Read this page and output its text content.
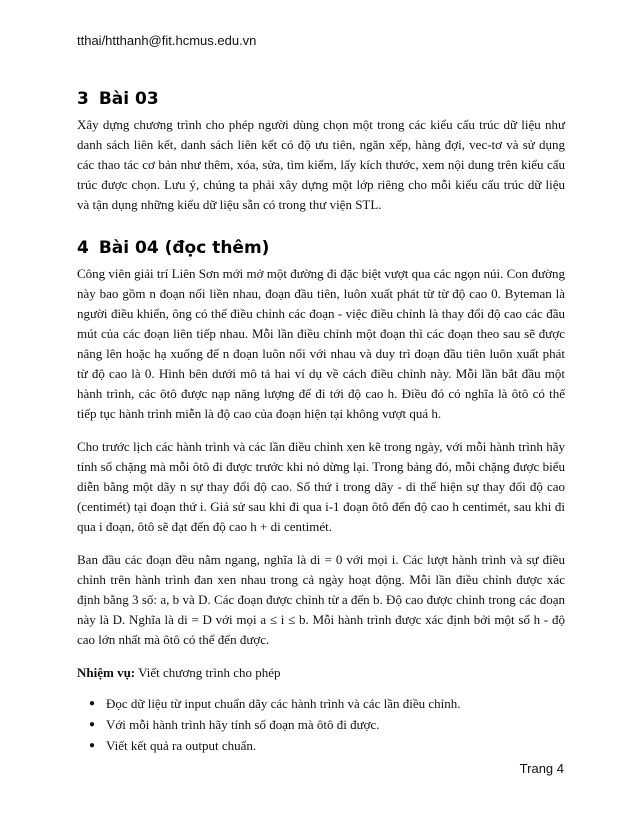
tthai/htthanh@fit.hcmus.edu.vn
3 Bài 03

Xây dựng chương trình cho phép người dùng chọn một trong các kiểu cấu trúc dữ liệu như danh sách liên kết, danh sách liên kết có độ ưu tiên, ngăn xếp, hàng đợi, vec-tơ và sử dụng các thao tác cơ bản như thêm, xóa, sửa, tìm kiếm, lấy kích thước, xem nội dung trên kiểu cấu trúc được chọn. Lưu ý, chúng ta phải xây dựng một lớp riêng cho mỗi kiểu cấu trúc dữ liệu và tận dụng những kiểu dữ liệu sẵn có trong thư viện STL.

4 Bài 04 (đọc thêm)

Công viên giải trí Liên Sơn mới mở một đường đi đặc biệt vượt qua các ngọn núi. Con đường này bao gồm n đoạn nối liền nhau, đoạn đầu tiên, luôn xuất phát từ từ độ cao 0. Byteman là người điều khiển, ông có thể điều chỉnh các đoạn - việc điều chỉnh là thay đổi độ cao các đầu mút của các đoạn liên tiếp nhau. Mỗi lần điều chỉnh một đoạn thì các đoạn theo sau sẽ được nâng lên hoặc hạ xuống để n đoạn luôn nối với nhau và duy trì đoạn đầu tiên luôn xuất phát từ độ cao là 0. Hình bên dưới mô tả hai ví dụ về cách điều chỉnh này. Mỗi lần bắt đầu một hành trình, các ôtô được nạp năng lượng để đi tới độ cao h. Điều đó có nghĩa là ôtô có thể tiếp tục hành trình miễn là độ cao của đoạn hiện tại không vượt quá h.

Cho trước lịch các hành trình và các lần điều chỉnh xen kẽ trong ngày, với mỗi hành trình hãy tính số chặng mà mỗi ôtô đi được trước khi nó dừng lại. Trong bảng đó, mỗi chặng được biểu diễn bằng một dãy n sự thay đổi độ cao. Số thứ i trong dãy - di thể hiện sự thay đổi độ cao (centimét) tại đoạn thứ i. Giả sử sau khi đi qua i-1 đoạn ôtô đến độ cao h centimét, sau khi đi qua i đoạn, ôtô sẽ đạt đến độ cao h + di centimét.

Ban đầu các đoạn đều nằm ngang, nghĩa là di = 0 với mọi i. Các lượt hành trình và sự điều chỉnh trên hành trình đan xen nhau trong cả ngày hoạt động. Mỗi lần điều chỉnh được xác định bằng 3 số: a, b và D. Các đoạn được chỉnh từ a đến b. Độ cao được chỉnh trong các đoạn này là D. Nghĩa là di = D với mọi a ≤ i ≤ b. Mỗi hành trình được xác định bởi một số h - độ cao lớn nhất mà ôtô có thể đến được.

Nhiệm vụ: Viết chương trình cho phép

● Đọc dữ liệu từ input chuẩn dãy các hành trình và các lần điều chỉnh.
● Với mỗi hành trình hãy tính số đoạn mà ôtô đi được.
● Viết kết quả ra output chuẩn.
Trang 4
